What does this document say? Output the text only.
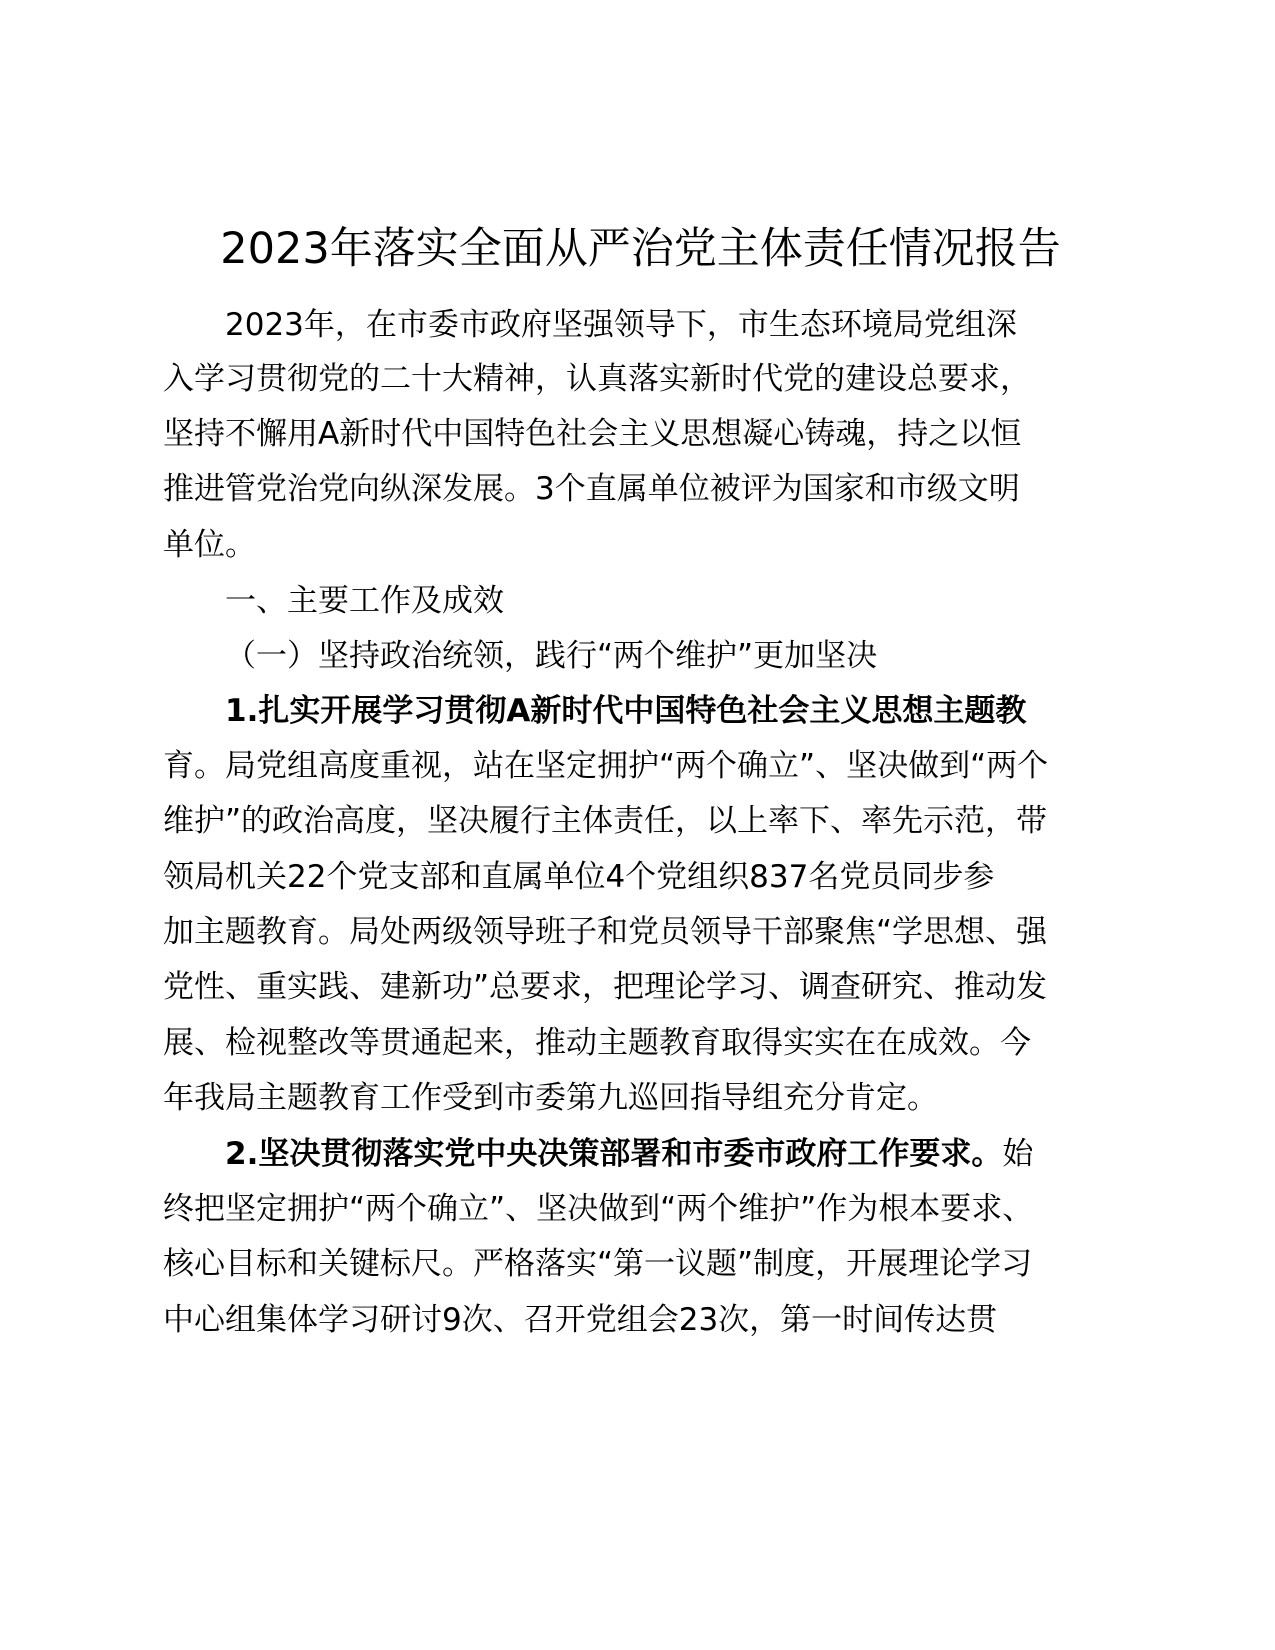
2023年落实全面从严治党主体责任情况报告
2023年，在市委市政府坚强领导下，市生态环境局党组深
入学习贯彻党的二十大精神，认真落实新时代党的建设总要求，
坚持不懈用A新时代中国特色社会主义思想凝心铸魂，持之以恒
推进管党治党向纵深发展。3个直属单位被评为国家和市级文明
单位。
一、主要工作及成效
（一）坚持政治统领，践行“两个维护”更加坚决
1.扎实开展学习贯彻A新时代中国特色社会主义思想主题教
育。局党组高度重视，站在坚定拥护“两个确立”、坚决做到“两个
维护”的政治高度，坚决履行主体责任，以上率下、率先示范，带
领局机关22个党支部和直属单位4个党组织837名党员同步参
加主题教育。局处两级领导班子和党员领导干部聚焦“学思想、强
党性、重实践、建新功”总要求，把理论学习、调查研究、推动发
展、检视整改等贯通起来，推动主题教育取得实实在在成效。今
年我局主题教育工作受到市委第九巡回指导组充分肯定。
2.坚决贯彻落实党中央决策部署和市委市政府工作要求。始
终把坚定拥护“两个确立”、坚决做到“两个维护”作为根本要求、
核心目标和关键标尺。严格落实“第一议题”制度，开展理论学习
中心组集体学习研讨9次、召开党组会23次，第一时间传达贯
